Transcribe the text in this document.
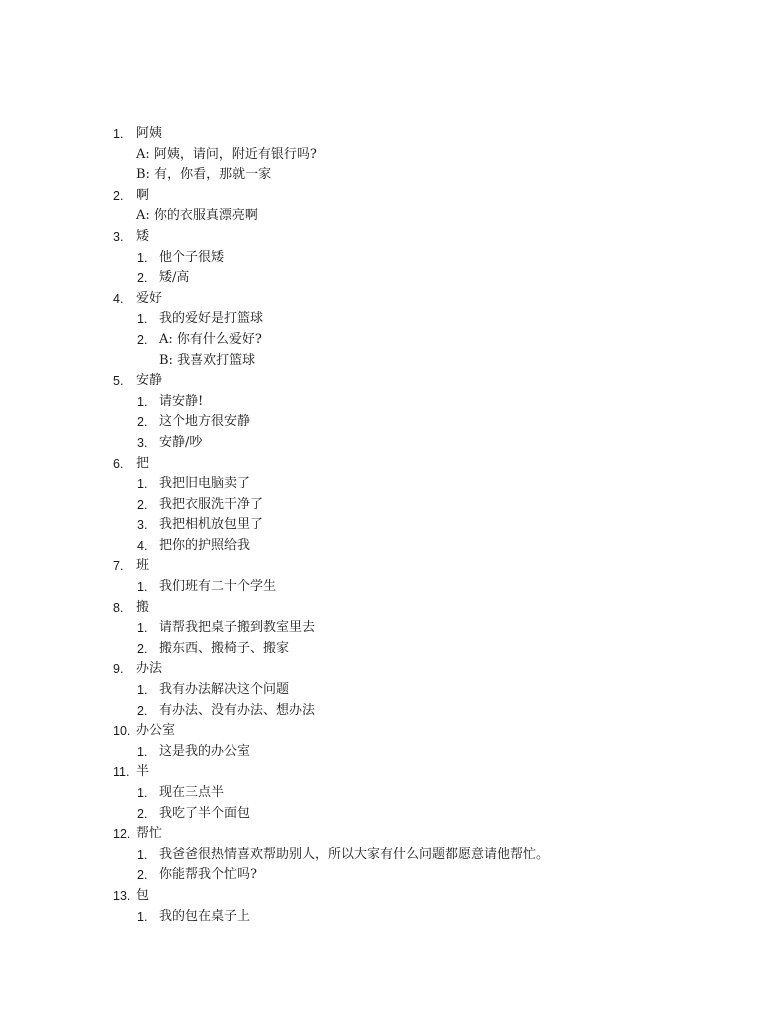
1. 阿姨
A: 阿姨，请问，附近有银行吗?
B: 有，你看，那就一家
2. 啊
A: 你的衣服真漂亮啊
3. 矮
1. 他个子很矮
2. 矮/高
4. 爱好
1. 我的爱好是打篮球
2. A: 你有什么爱好?
B: 我喜欢打篮球
5. 安静
1. 请安静!
2. 这个地方很安静
3. 安静/吵
6. 把
1. 我把旧电脑卖了
2. 我把衣服洗干净了
3. 我把相机放包里了
4. 把你的护照给我
7. 班
1. 我们班有二十个学生
8. 搬
1. 请帮我把桌子搬到教室里去
2. 搬东西、搬椅子、搬家
9. 办法
1. 我有办法解决这个问题
2. 有办法、没有办法、想办法
10. 办公室
1. 这是我的办公室
11. 半
1. 现在三点半
2. 我吃了半个面包
12. 帮忙
1. 我爸爸很热情喜欢帮助别人，所以大家有什么问题都愿意请他帮忙。
2. 你能帮我个忙吗?
13. 包
1. 我的包在桌子上
